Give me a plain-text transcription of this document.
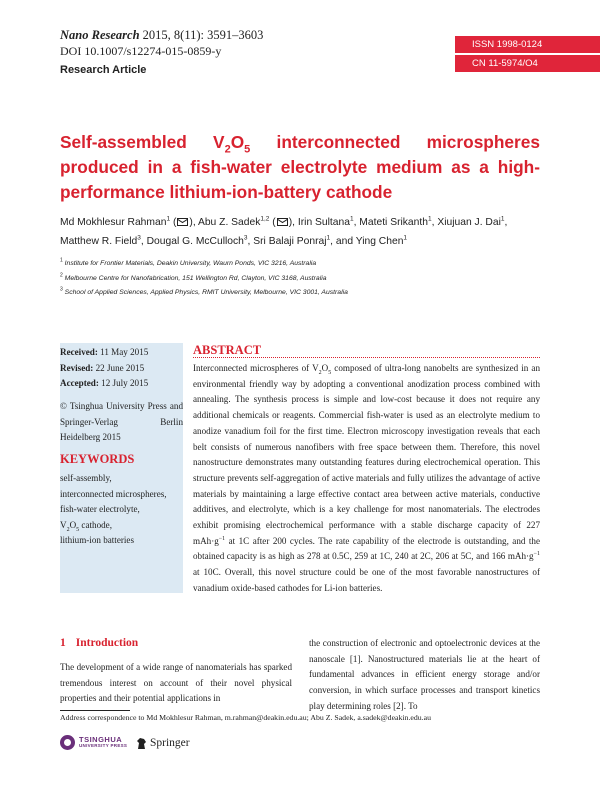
Nano Research 2015, 8(11): 3591–3603
DOI 10.1007/s12274-015-0859-y
Research Article
ISSN 1998-0124
CN 11-5974/O4
Self-assembled $V_2O_5$ interconnected microspheres produced in a fish-water electrolyte medium as a high-performance lithium-ion-battery cathode
Md Mokhlesur Rahman$^1$ ( ), Abu Z. Sadek$^{1,2}$ ( ), Irin Sultana$^1$, Mateti Srikanth$^1$, Xiujuan J. Dai$^1$,
Matthew R. Field$^3$, Dougal G. McCulloch$^3$, Sri Balaji Ponraj$^1$, and Ying Chen$^1$
$^1$ Institute for Frontier Materials, Deakin University, Waurn Ponds, VIC 3216, Australia
$^2$ Melbourne Centre for Nanofabrication, 151 Wellington Rd, Clayton, VIC 3168, Australia
$^3$ School of Applied Sciences, Applied Physics, RMIT University, Melbourne, VIC 3001, Australia
Received: 11 May 2015
Revised: 22 June 2015
Accepted: 12 July 2015
© Tsinghua University Press and Springer-Verlag Berlin Heidelberg 2015
KEYWORDS
self-assembly,
interconnected microspheres,
fish-water electrolyte,
$V_2O_5$ cathode,
lithium-ion batteries
ABSTRACT
Interconnected microspheres of $V_2O_5$ composed of ultra-long nanobelts are synthesized in an environmental friendly way by adopting a conventional anodization process combined with annealing. The synthesis process is simple and low-cost because it does not require any additional chemicals or reagents. Commercial fish-water is used as an electrolyte medium to anodize vanadium foil for the first time. Electron microscopy investigation reveals that each belt consists of numerous nanofibers with free space between them. Therefore, this novel nanostructure demonstrates many outstanding features during electrochemical operation. This structure prevents self-aggregation of active materials and fully utilizes the advantage of active materials by maintaining a large effective contact area between active materials, conductive additives, and electrolyte, which is a key challenge for most nanomaterials. The electrodes exhibit promising electrochemical performance with a stable discharge capacity of 227 $mAh\cdot g^{-1}$ at 1C after 200 cycles. The rate capability of the electrode is outstanding, and the obtained capacity is as high as 278 at 0.5C, 259 at 1C, 240 at 2C, 206 at 5C, and 166 $mAh\cdot g^{-1}$ at 10C. Overall, this novel structure could be one of the most favorable nanostructures of vanadium oxide-based cathodes for Li-ion batteries.
1 Introduction
The development of a wide range of nanomaterials has sparked tremendous interest on account of their novel physical properties and their potential applications in
the construction of electronic and optoelectronic devices at the nanoscale [1]. Nanostructured materials lie at the heart of fundamental advances in efficient energy storage and/or conversion, in which surface processes and transport kinetics play determining roles [2]. To
Address correspondence to Md Mokhlesur Rahman, m.rahman@deakin.edu.au; Abu Z. Sadek, a.sadek@deakin.edu.au
TSINGHUA
UNIVERSITY PRESS Springer
